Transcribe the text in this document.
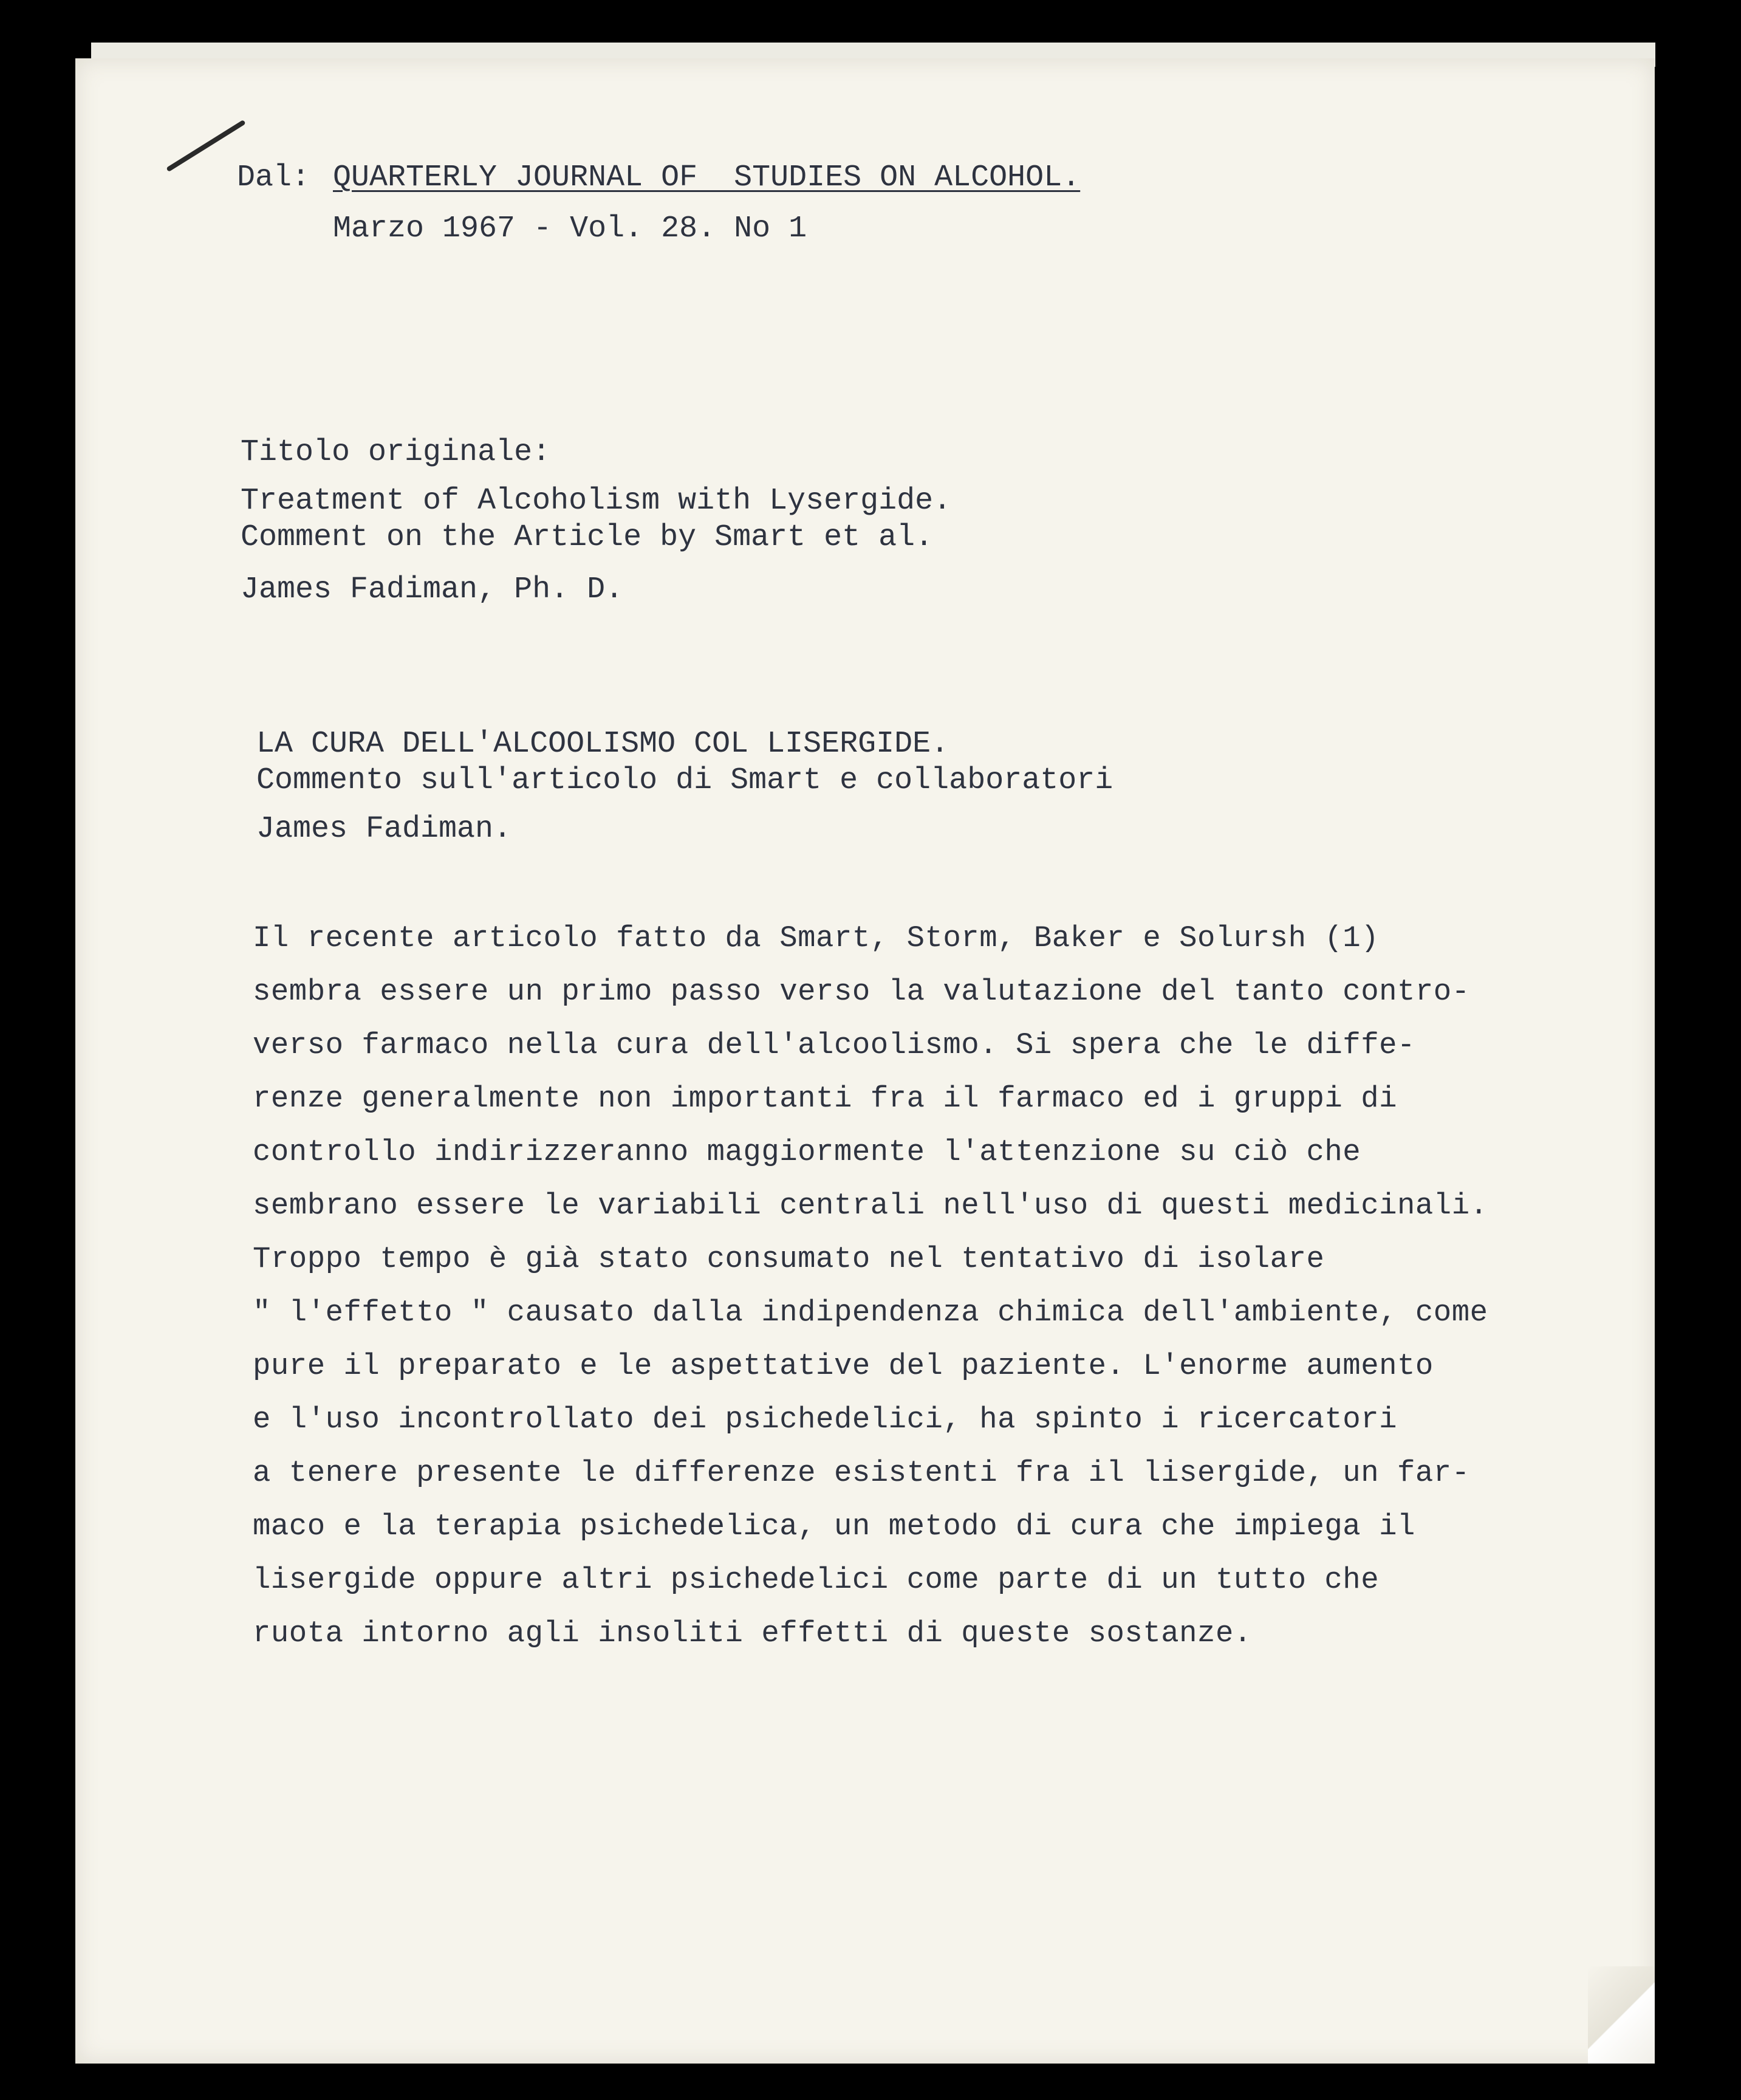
Dal: QUARTERLY JOURNAL OF  STUDIES ON ALCOHOL.

Marzo 1967 - Vol. 28. No 1

Titolo originale:

Treatment of Alcoholism with Lysergide.

Comment on the Article by Smart et al.

James Fadiman, Ph. D.

LA CURA DELL'ALCOOLISMO COL LISERGIDE.

Commento sull'articolo di Smart e collaboratori

James Fadiman.

Il recente articolo fatto da Smart, Storm, Baker e Solursh (1)

sembra essere un primo passo verso la valutazione del tanto contro-

verso farmaco nella cura dell'alcoolismo. Si spera che le diffe-

renze generalmente non importanti fra il farmaco ed i gruppi di

controllo indirizzeranno maggiormente l'attenzione su ciò che

sembrano essere le variabili centrali nell'uso di questi medicinali.

Troppo tempo è già stato consumato nel tentativo di isolare

" l'effetto " causato dalla indipendenza chimica dell'ambiente, come

pure il preparato e le aspettative del paziente. L'enorme aumento

e l'uso incontrollato dei psichedelici, ha spinto i ricercatori

a tenere presente le differenze esistenti fra il lisergide, un far-

maco e la terapia psichedelica, un metodo di cura che impiega il

lisergide oppure altri psichedelici come parte di un tutto che

ruota intorno agli insoliti effetti di queste sostanze.
